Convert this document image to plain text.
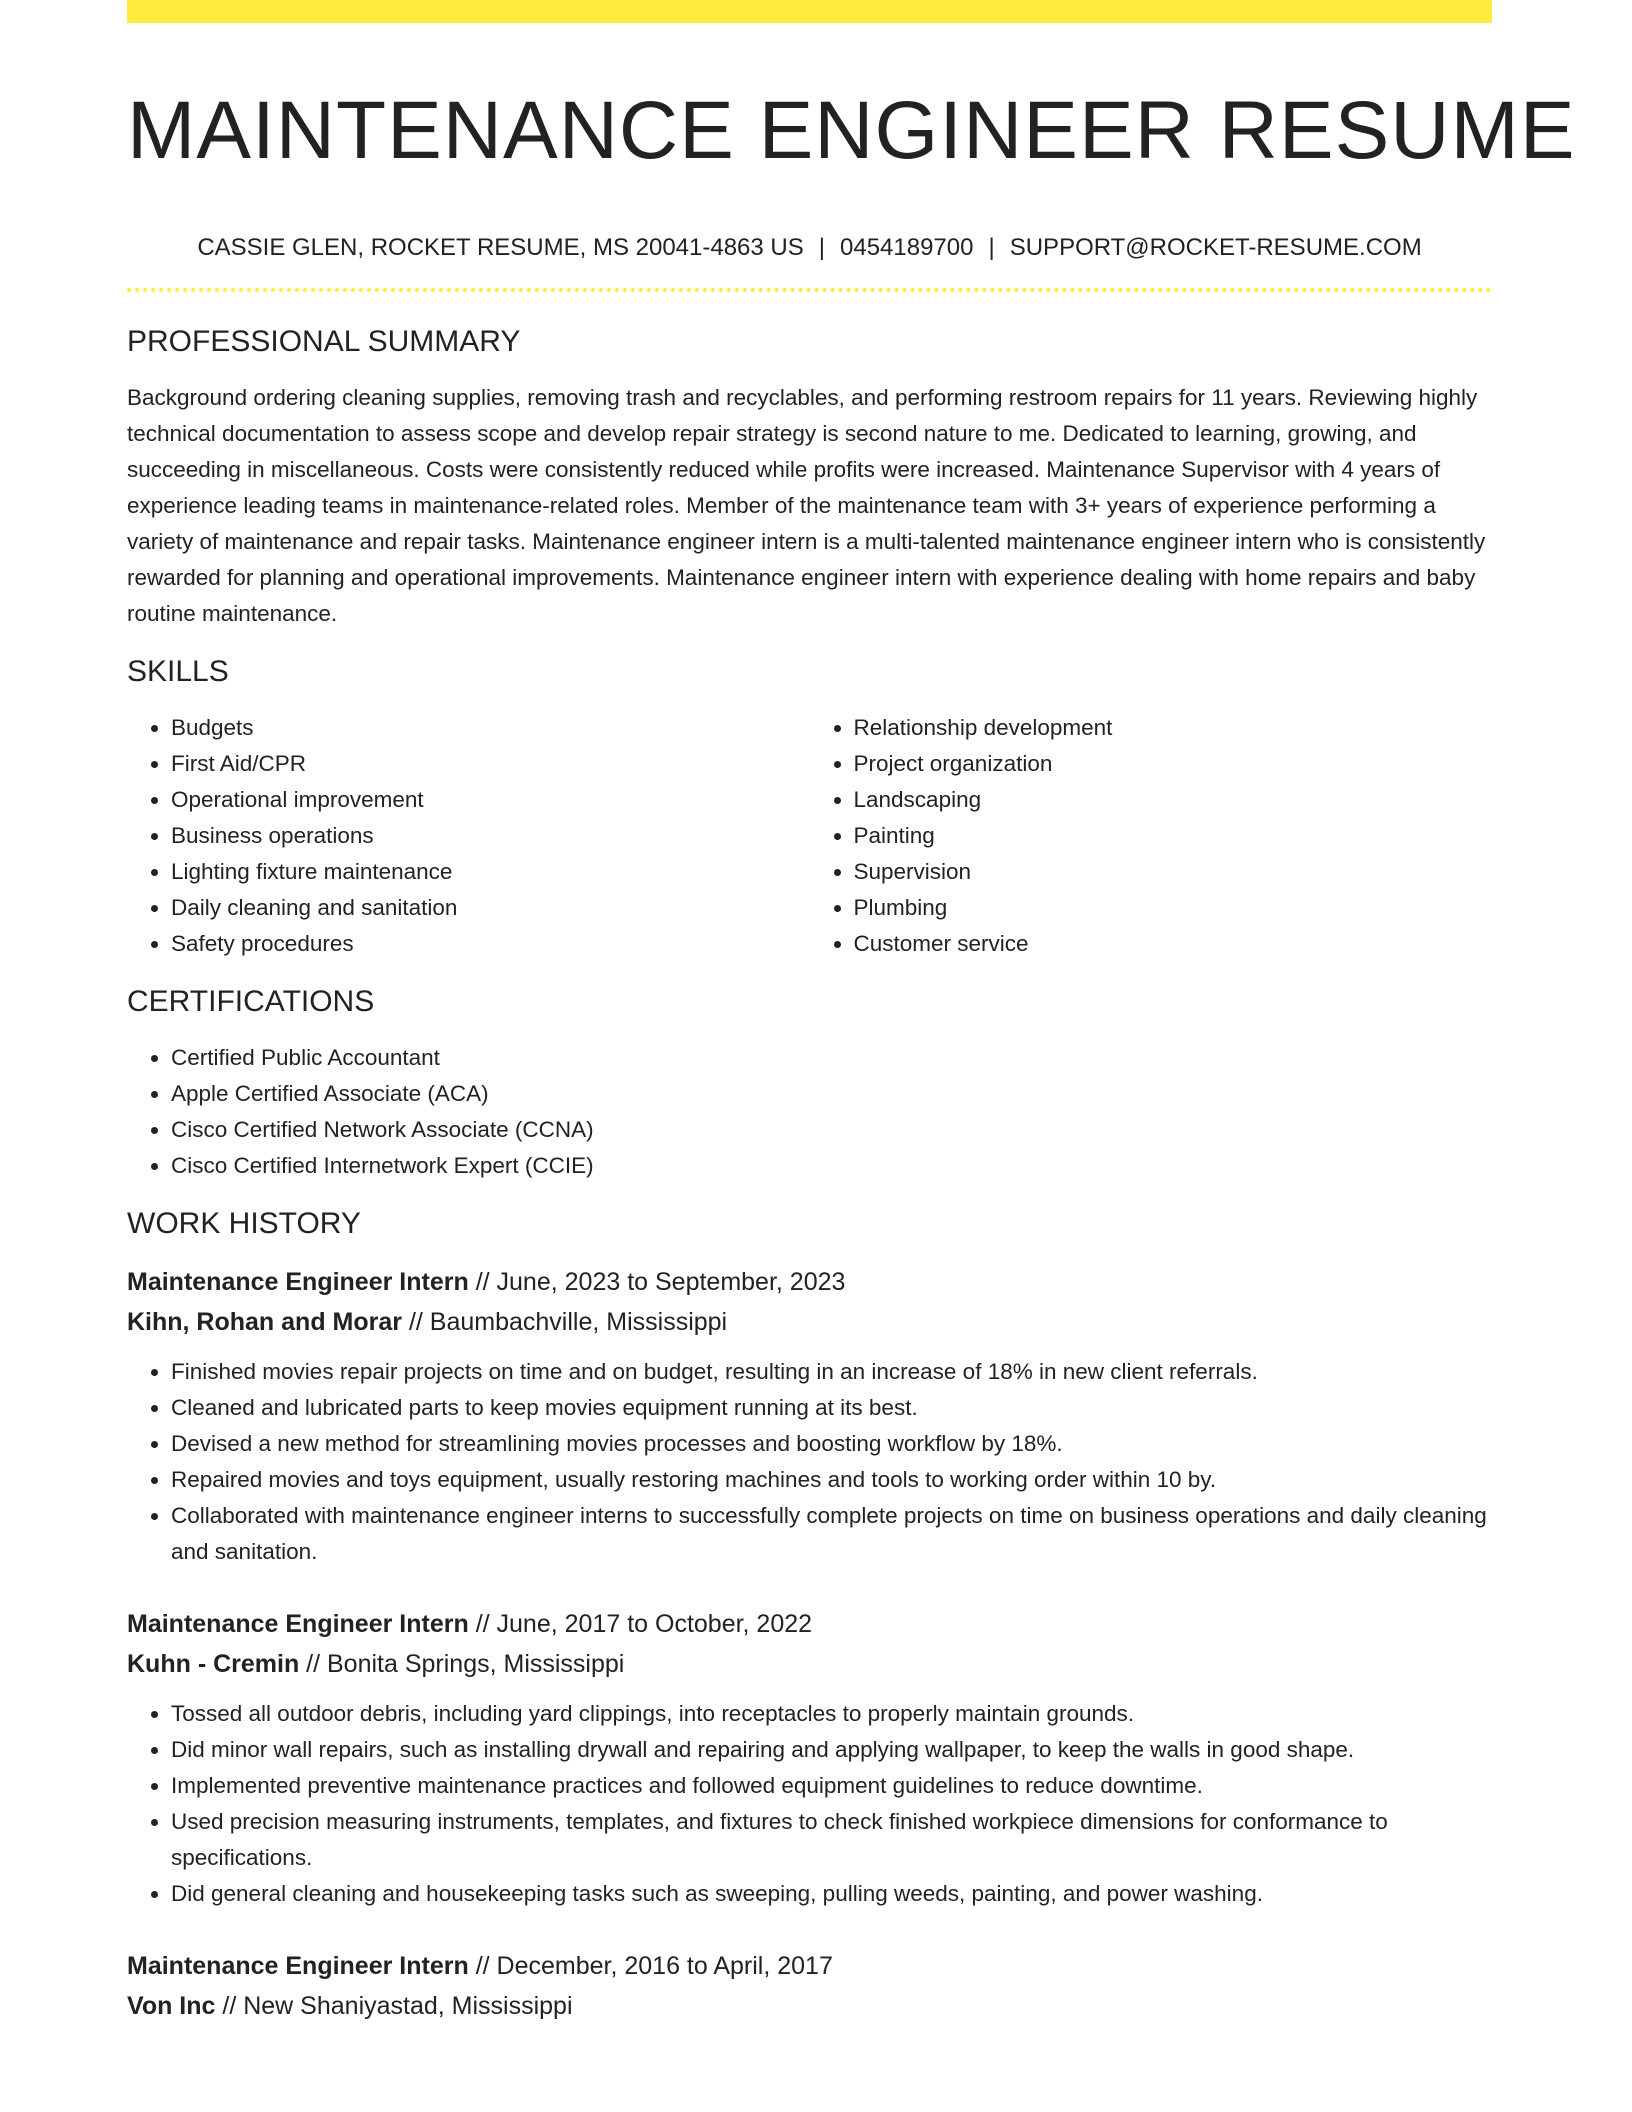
MAINTENANCE ENGINEER RESUME
CASSIE GLEN, ROCKET RESUME, MS 20041-4863 US | 0454189700 | SUPPORT@ROCKET-RESUME.COM
PROFESSIONAL SUMMARY

Background ordering cleaning supplies, removing trash and recyclables, and performing restroom repairs for 11 years. Reviewing highly technical documentation to assess scope and develop repair strategy is second nature to me. Dedicated to learning, growing, and succeeding in miscellaneous. Costs were consistently reduced while profits were increased. Maintenance Supervisor with 4 years of experience leading teams in maintenance-related roles. Member of the maintenance team with 3+ years of experience performing a variety of maintenance and repair tasks. Maintenance engineer intern is a multi-talented maintenance engineer intern who is consistently rewarded for planning and operational improvements. Maintenance engineer intern with experience dealing with home repairs and baby routine maintenance.

SKILLS
• Budgets
• First Aid/CPR
• Operational improvement
• Business operations
• Lighting fixture maintenance
• Daily cleaning and sanitation
• Safety procedures
• Relationship development
• Project organization
• Landscaping
• Painting
• Supervision
• Plumbing
• Customer service
CERTIFICATIONS
• Certified Public Accountant
• Apple Certified Associate (ACA)
• Cisco Certified Network Associate (CCNA)
• Cisco Certified Internetwork Expert (CCIE)
WORK HISTORY
Maintenance Engineer Intern // June, 2023 to September, 2023
Kihn, Rohan and Morar // Baumbachville, Mississippi
• Finished movies repair projects on time and on budget, resulting in an increase of 18% in new client referrals.
• Cleaned and lubricated parts to keep movies equipment running at its best.
• Devised a new method for streamlining movies processes and boosting workflow by 18%.
• Repaired movies and toys equipment, usually restoring machines and tools to working order within 10 by.
• Collaborated with maintenance engineer interns to successfully complete projects on time on business operations and daily cleaning and sanitation.
Maintenance Engineer Intern // June, 2017 to October, 2022
Kuhn - Cremin // Bonita Springs, Mississippi
• Tossed all outdoor debris, including yard clippings, into receptacles to properly maintain grounds.
• Did minor wall repairs, such as installing drywall and repairing and applying wallpaper, to keep the walls in good shape.
• Implemented preventive maintenance practices and followed equipment guidelines to reduce downtime.
• Used precision measuring instruments, templates, and fixtures to check finished workpiece dimensions for conformance to specifications.
• Did general cleaning and housekeeping tasks such as sweeping, pulling weeds, painting, and power washing.
Maintenance Engineer Intern // December, 2016 to April, 2017
Von Inc // New Shaniyastad, Mississippi
